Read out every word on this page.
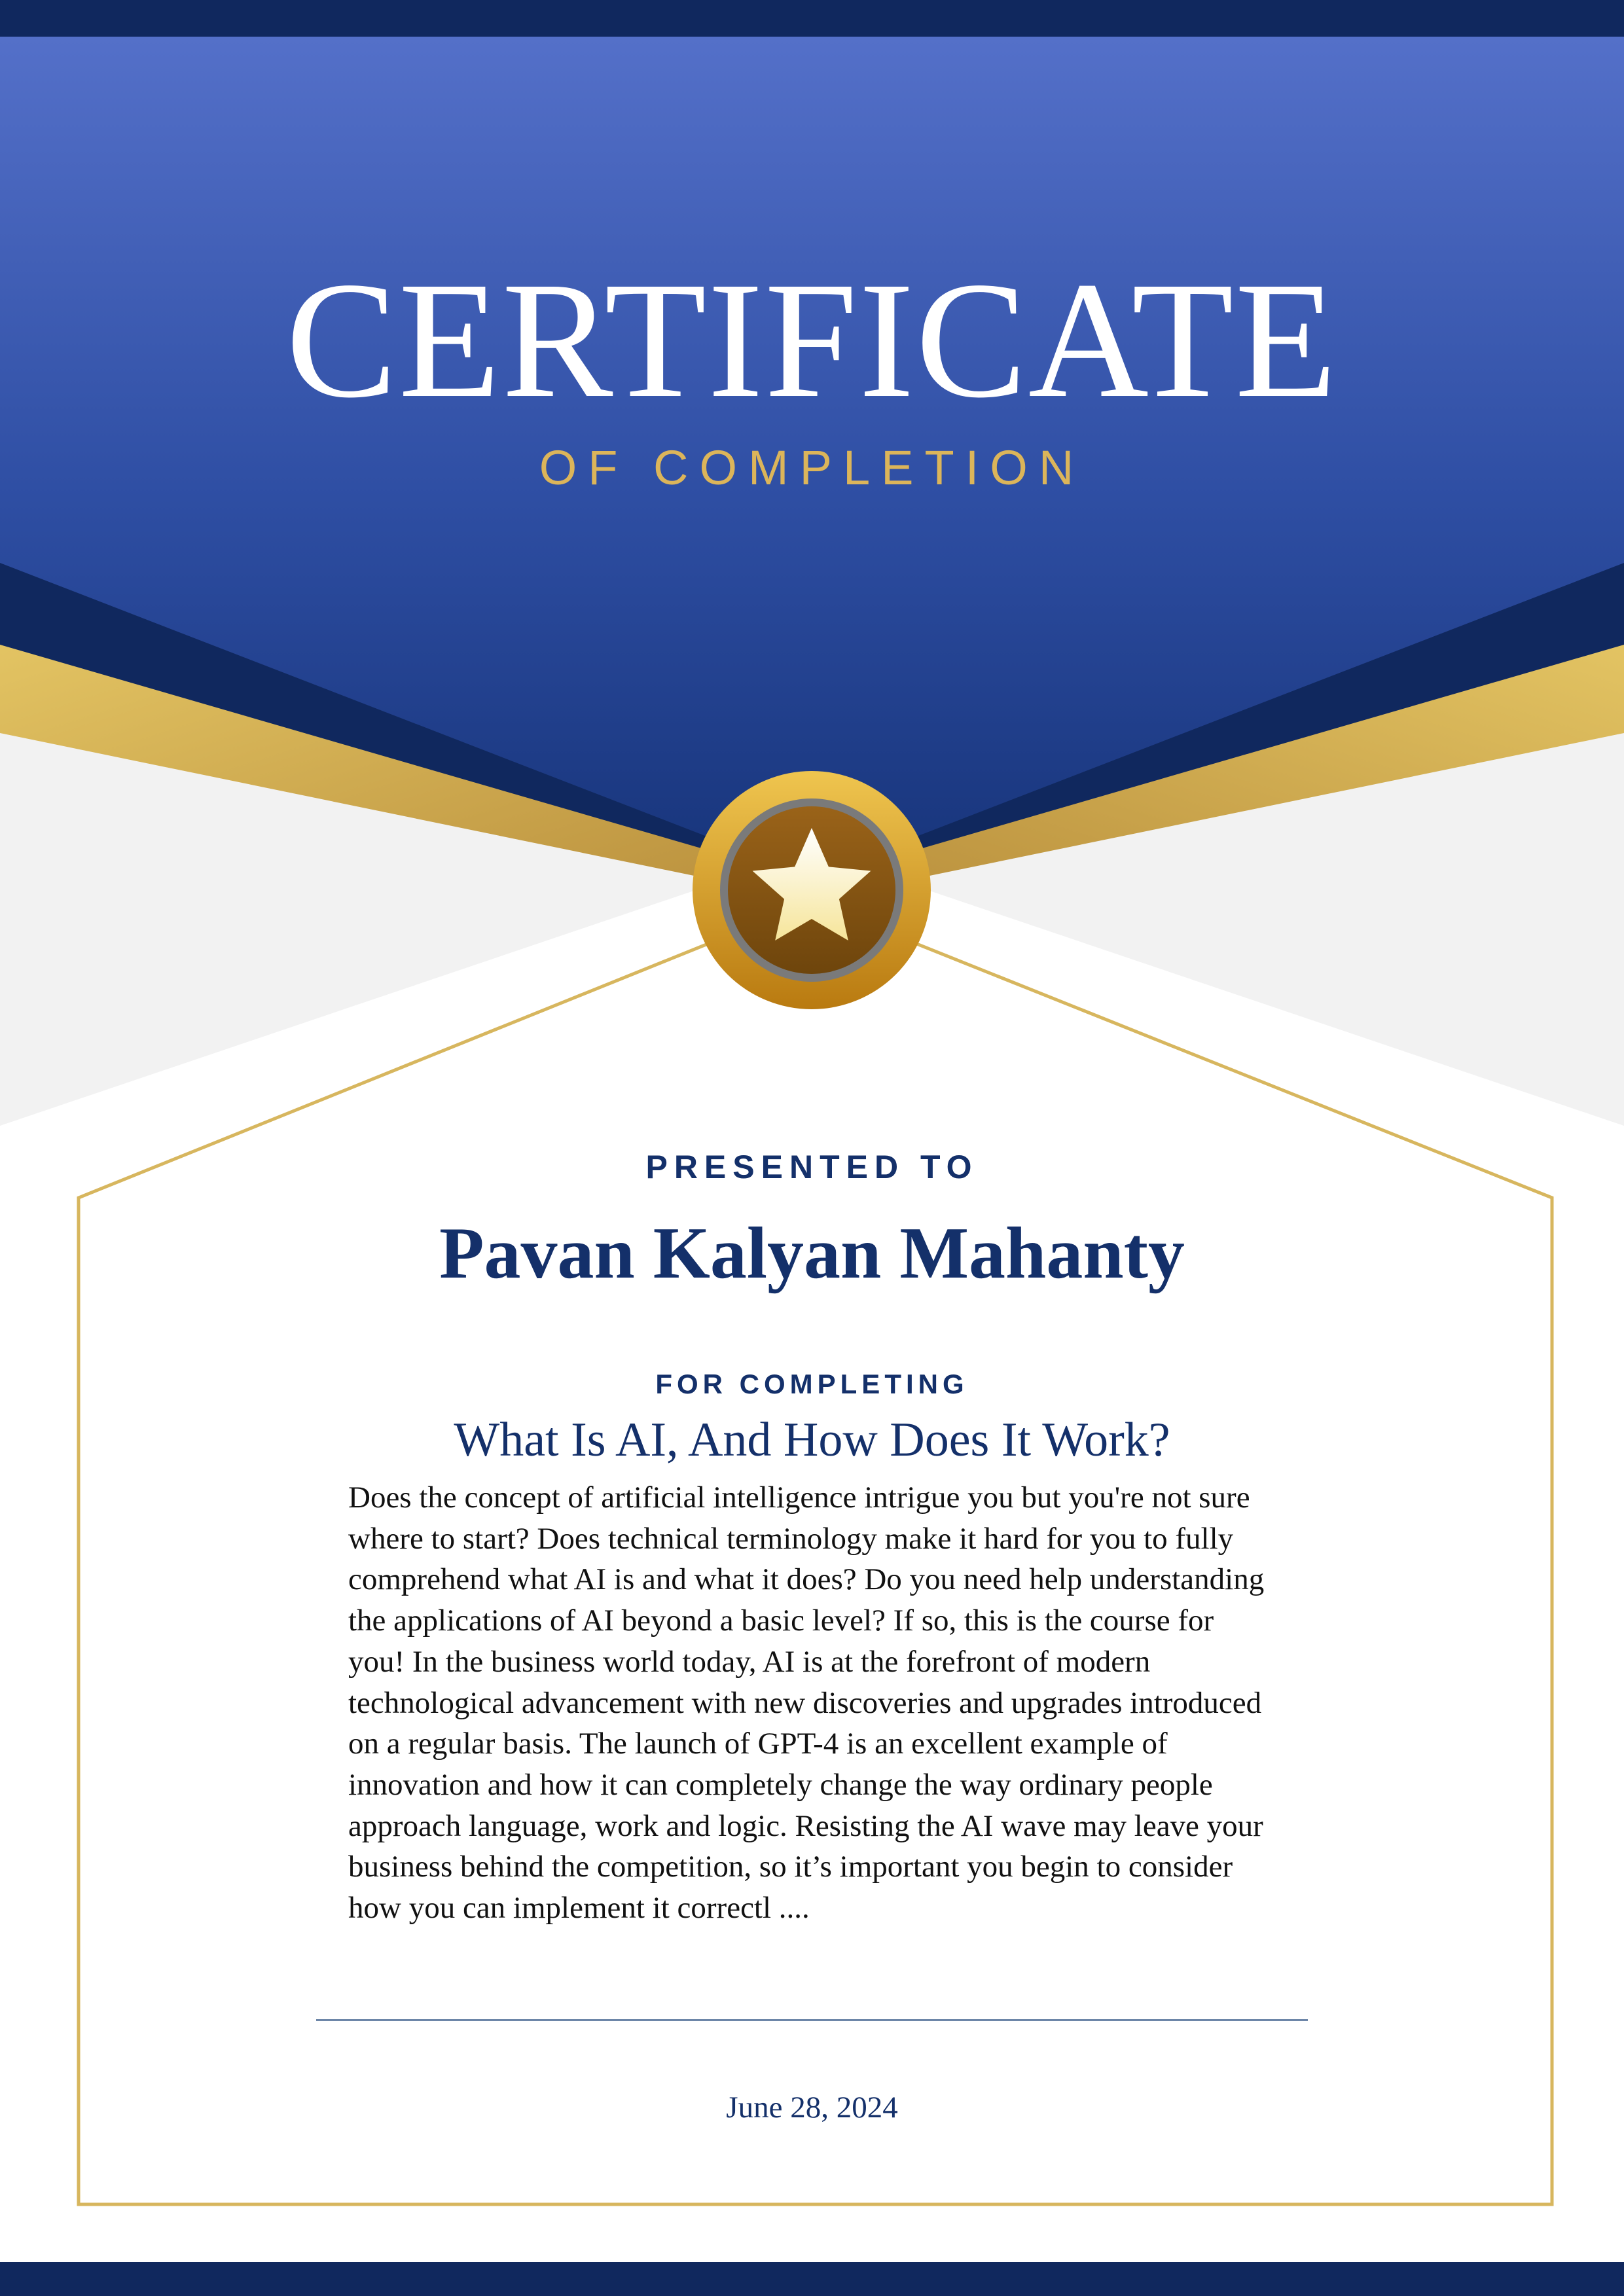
CERTIFICATE
OF COMPLETION
PRESENTED TO
Pavan Kalyan Mahanty
FOR COMPLETING
What Is AI, And How Does It Work?
Does the concept of artificial intelligence intrigue you but you're not sure where to start? Does technical terminology make it hard for you to fully comprehend what AI is and what it does? Do you need help understanding the applications of AI beyond a basic level? If so, this is the course for you! In the business world today, AI is at the forefront of modern technological advancement with new discoveries and upgrades introduced on a regular basis. The launch of GPT-4 is an excellent example of innovation and how it can completely change the way ordinary people approach language, work and logic. Resisting the AI wave may leave your business behind the competition, so it’s important you begin to consider how you can implement it correctl ....
June 28, 2024
